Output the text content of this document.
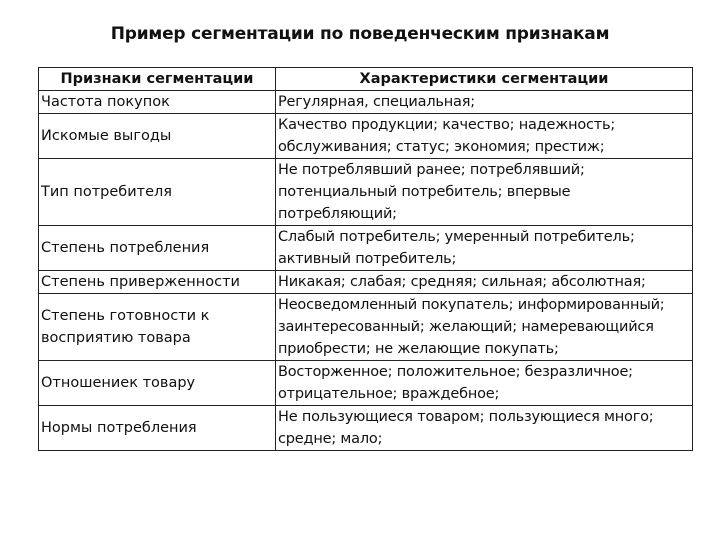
Пример сегментации по поведенческим признакам
Признаки сегментации	Характеристики сегментации
Частота покупок	Регулярная, специальная;
Искомые выгоды	Качество продукции; качество; надежность; обслуживания; статус; экономия; престиж;
Тип потребителя	Не потреблявший ранее; потреблявший; потенциальный потребитель; впервые потребляющий;
Степень потребления	Слабый потребитель; умеренный потребитель; активный потребитель;
Степень приверженности	Никакая; слабая; средняя; сильная; абсолютная;
Степень готовности к восприятию товара	Неосведомленный покупатель; информированный; заинтересованный; желающий; намеревающийся приобрести; не желающие покупать;
Отношениек товару	Восторженное; положительное; безразличное; отрицательное; враждебное;
Нормы потребления	Не пользующиеся товаром; пользующиеся много; средне; мало;
